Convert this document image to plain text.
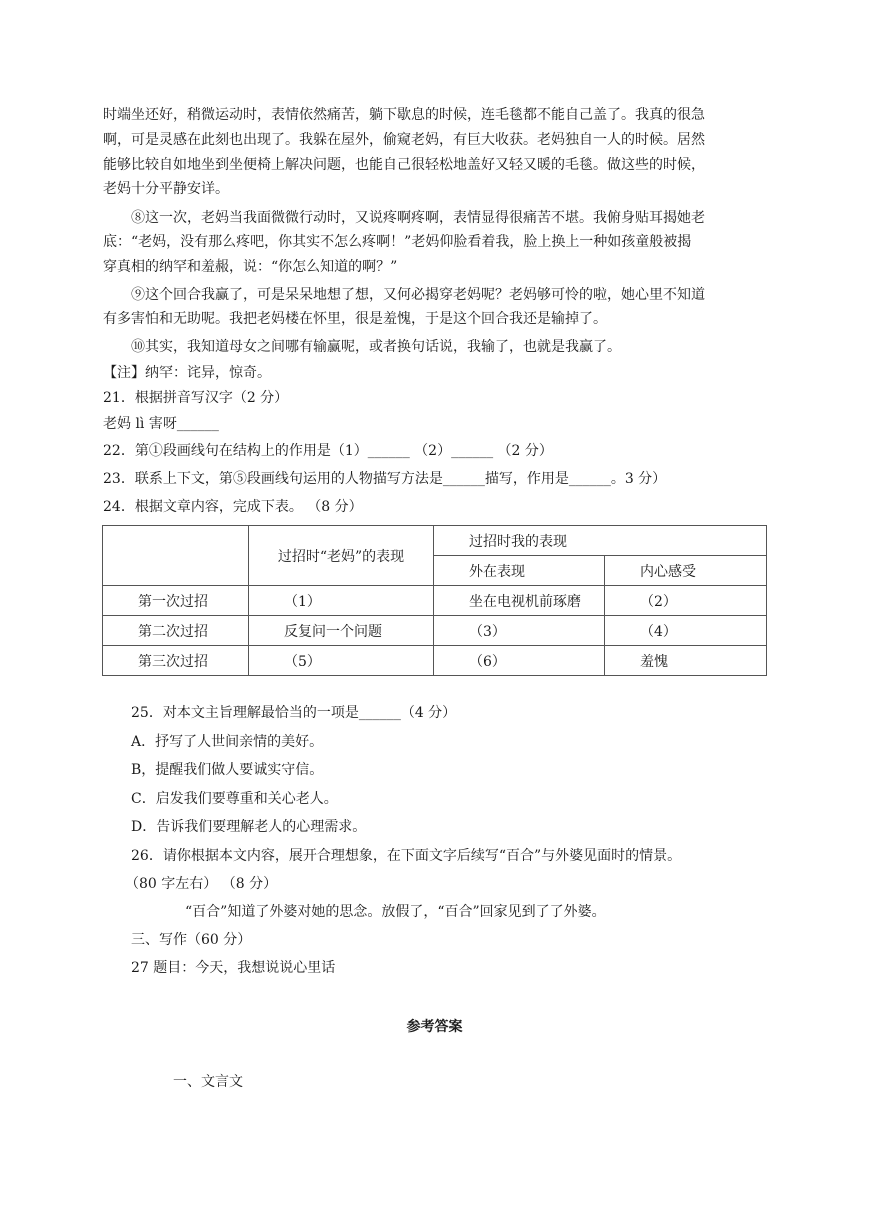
时端坐还好，稍微运动时，表情依然痛苦，躺下歇息的时候，连毛毯都不能自己盖了。我真的很急
啊，可是灵感在此刻也出现了。我躲在屋外，偷窥老妈，有巨大收获。老妈独自一人的时候。居然
能够比较自如地坐到坐便椅上解决问题，也能自己很轻松地盖好又轻又暖的毛毯。做这些的时候，
老妈十分平静安详。
⑧这一次，老妈当我面微微行动时，又说疼啊疼啊，表情显得很痛苦不堪。我俯身贴耳揭她老
底：“老妈，没有那么疼吧，你其实不怎么疼啊！”老妈仰脸看着我，脸上换上一种如孩童般被揭
穿真相的纳罕和羞赧，说：“你怎么知道的啊？”
⑨这个回合我赢了，可是呆呆地想了想，又何必揭穿老妈呢？老妈够可怜的啦，她心里不知道
有多害怕和无助呢。我把老妈楼在怀里，很是羞愧，于是这个回合我还是输掉了。
⑩其实，我知道母女之间哪有输赢呢，或者换句话说，我输了，也就是我赢了。
【注】纳罕：诧异，惊奇。
21．根据拼音写汉字（2 分）
老妈 lì 害呀______
22．第①段画线句在结构上的作用是（1）______ （2）______ （2 分）
23．联系上下文，第⑤段画线句运用的人物描写方法是______描写，作用是______。3 分）
24．根据文章内容，完成下表。 （8 分）
	过招时“老妈”的表现	过招时我的表现	
		外在表现	内心感受
第一次过招	（1）	坐在电视机前琢磨	（2）
第二次过招	反复问一个问题	（3）	（4）
第三次过招	（5）	（6）	羞愧
25．对本文主旨理解最恰当的一项是______（4 分）
A．抒写了人世间亲情的美好。
B，提醒我们做人要诚实守信。
C．启发我们要尊重和关心老人。
D．告诉我们要理解老人的心理需求。
26．请你根据本文内容，展开合理想象，在下面文字后续写“百合”与外婆见面时的情景。
（80 字左右） （8 分）
“百合”知道了外婆对她的思念。放假了，“百合”回家见到了了外婆。
三、写作（60 分）
27 题目：今天，我想说说心里话
参考答案
一、文言文
